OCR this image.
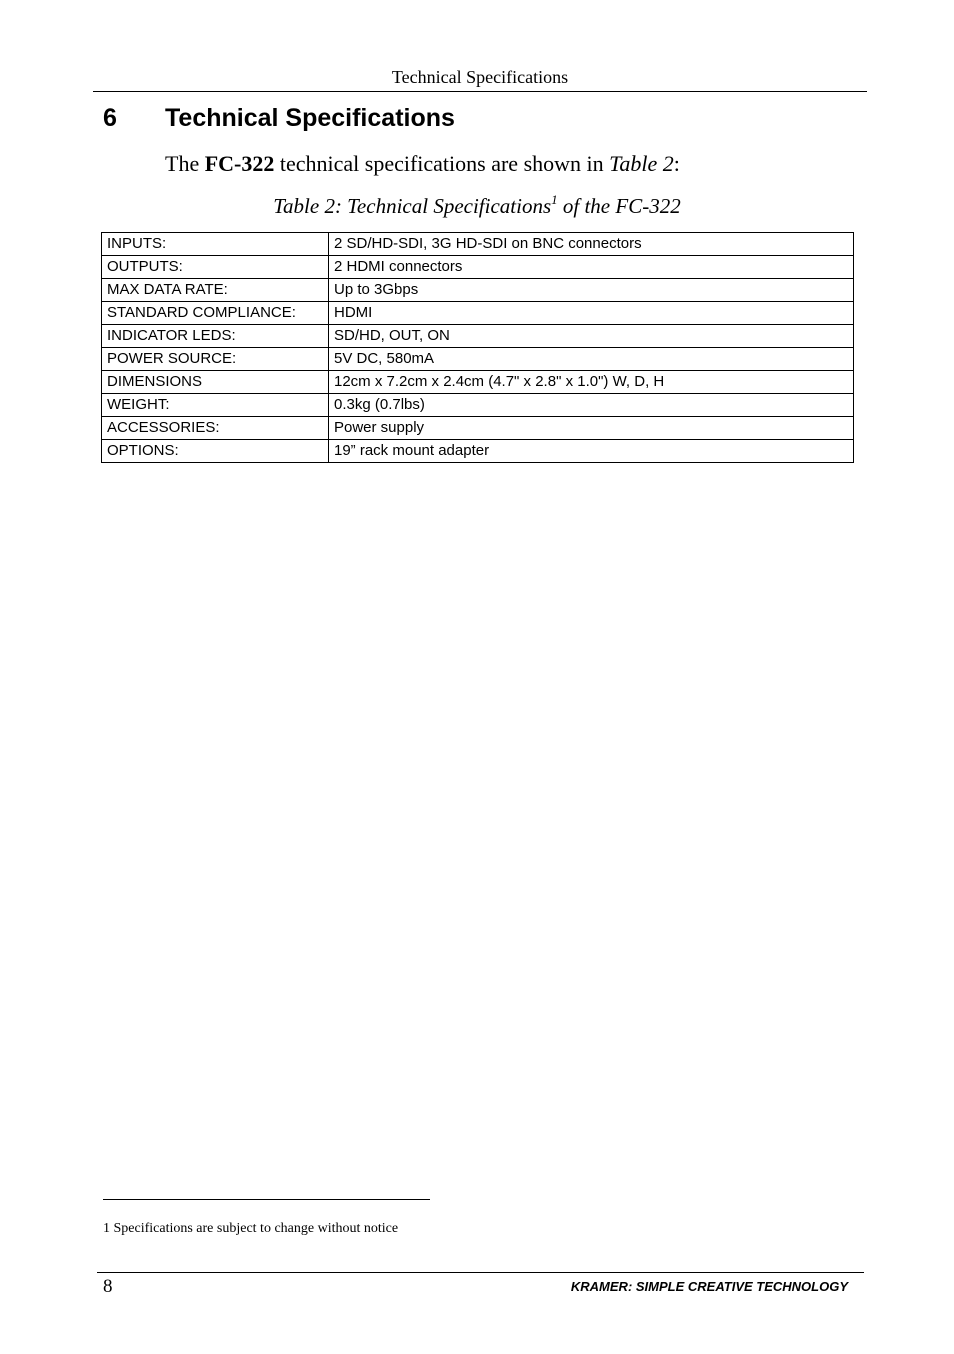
Technical Specifications
6	Technical Specifications
The FC-322 technical specifications are shown in Table 2:
Table 2: Technical Specifications$^1$ of the FC-322
INPUTS:	2 SD/HD-SDI, 3G HD-SDI on BNC connectors
OUTPUTS:	2 HDMI connectors
MAX DATA RATE:	Up to 3Gbps
STANDARD COMPLIANCE:	HDMI
INDICATOR LEDS:	SD/HD, OUT, ON
POWER SOURCE:	5V DC, 580mA
DIMENSIONS	12cm x 7.2cm x 2.4cm (4.7" x 2.8" x 1.0") W, D, H
WEIGHT:	0.3kg (0.7lbs)
ACCESSORIES:	Power supply
OPTIONS:	19” rack mount adapter
1 Specifications are subject to change without notice
8	KRAMER: SIMPLE CREATIVE TECHNOLOGY
